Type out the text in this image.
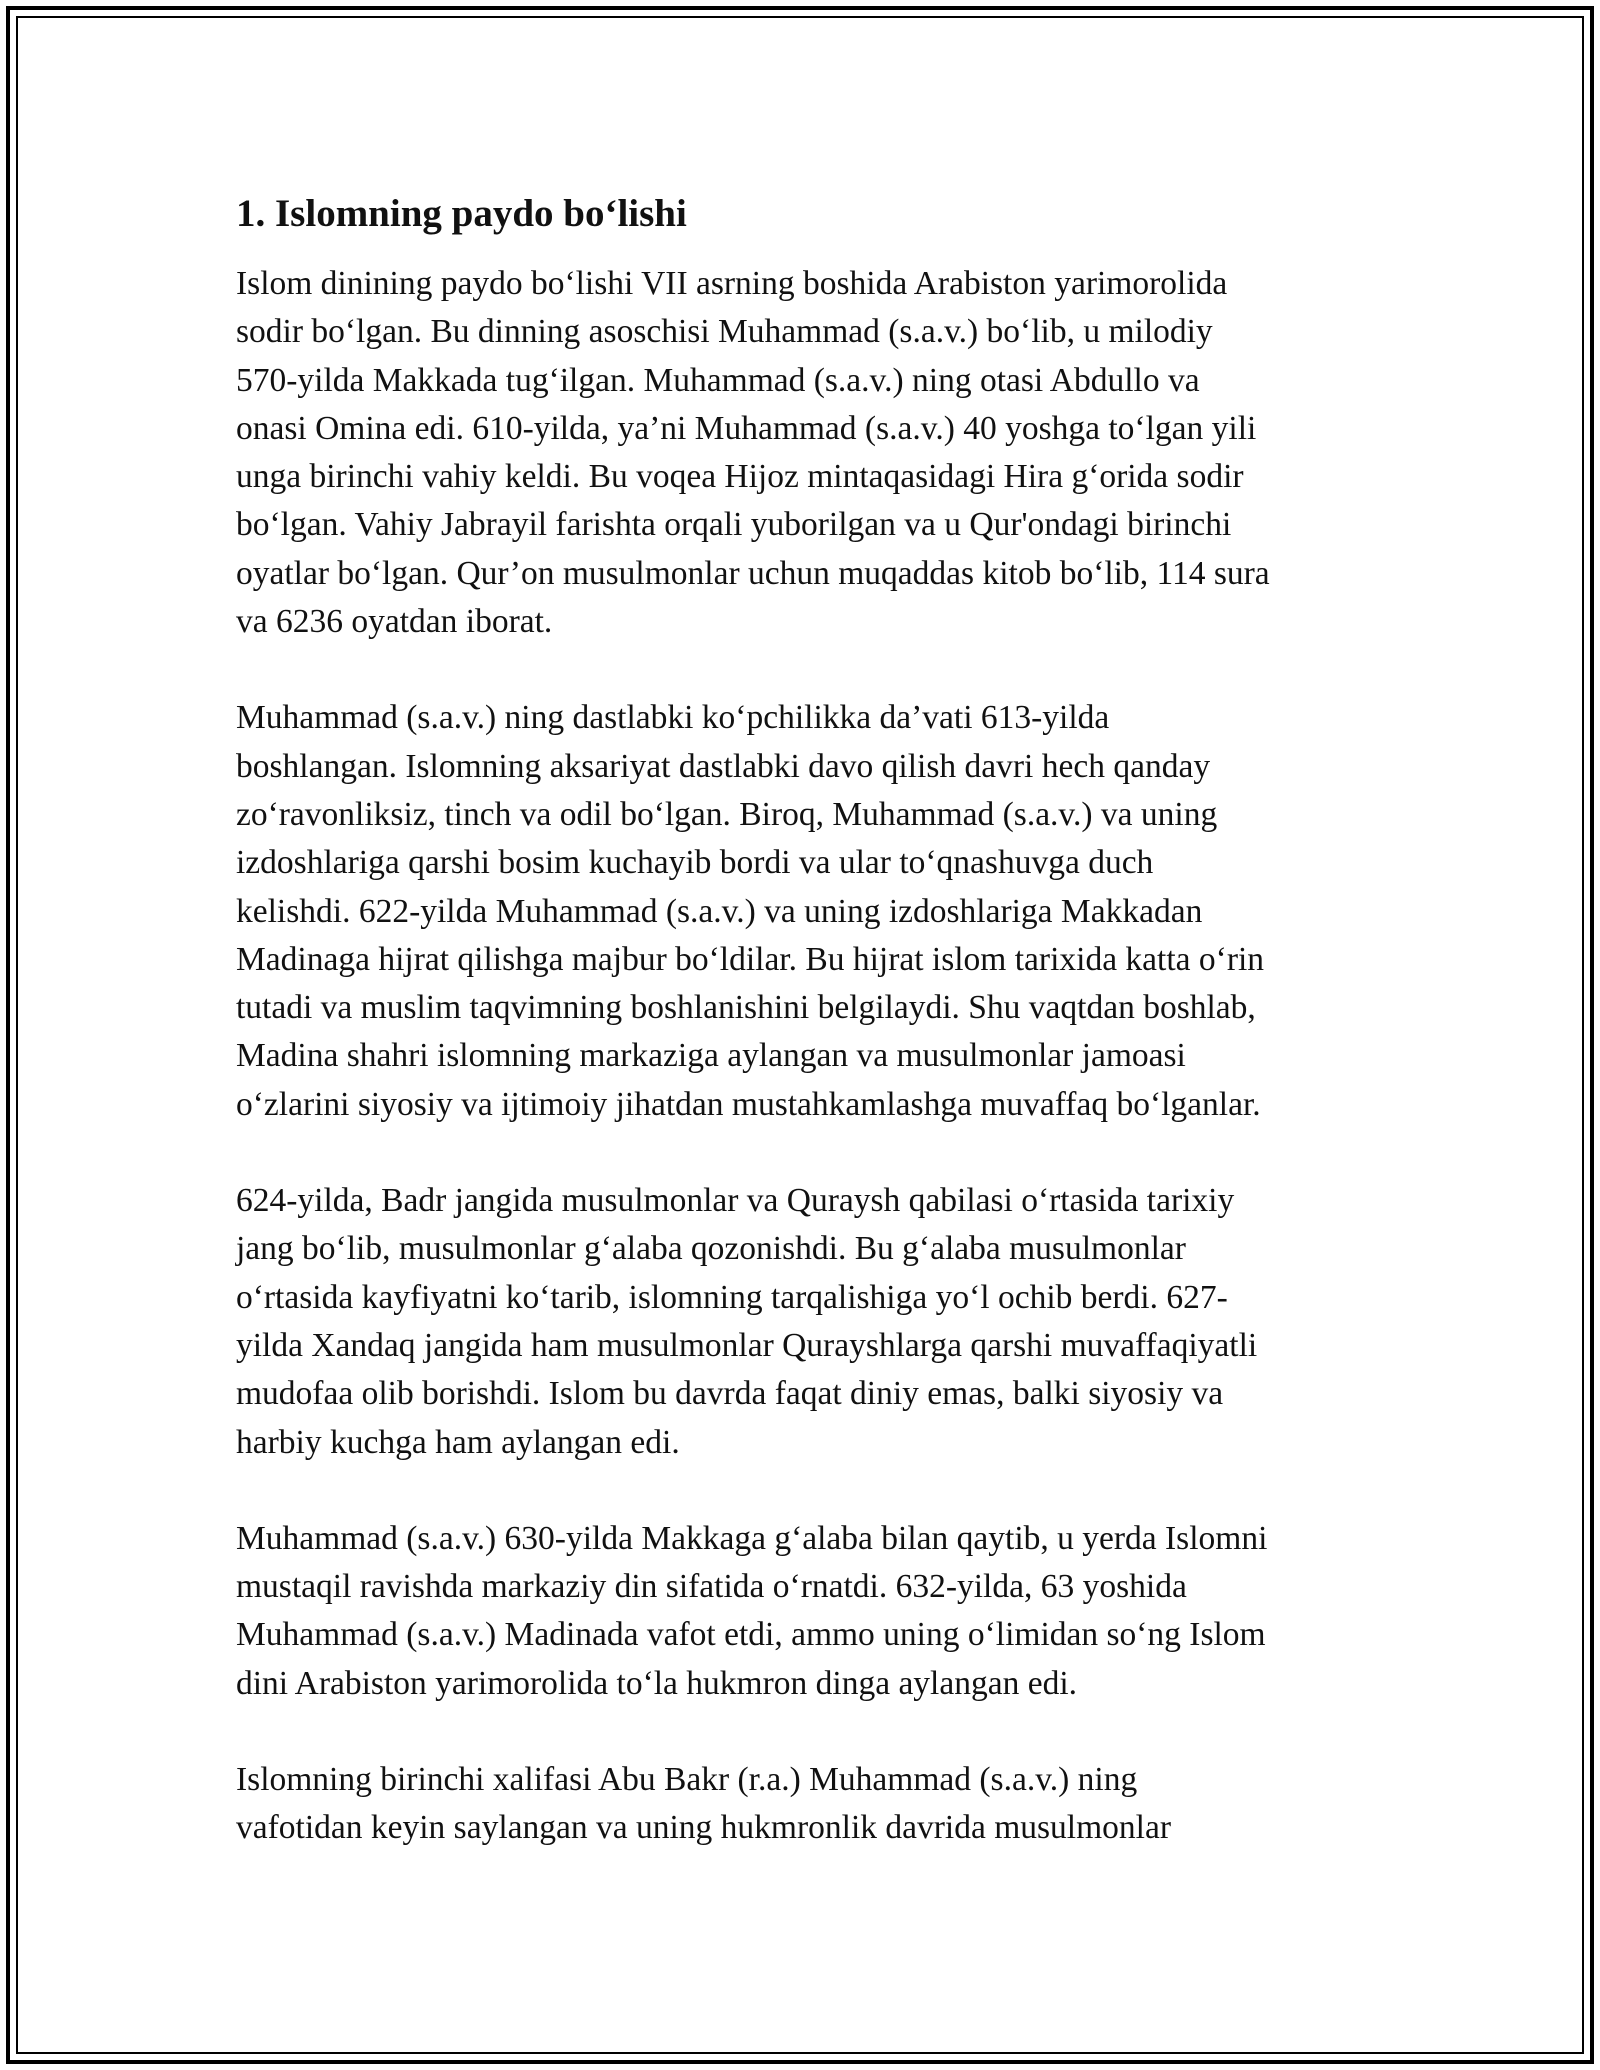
1. Islomning paydo bo‘lishi

Islom dinining paydo bo‘lishi VII asrning boshida Arabiston yarimorolida
sodir bo‘lgan. Bu dinning asoschisi Muhammad (s.a.v.) bo‘lib, u milodiy
570-yilda Makkada tug‘ilgan. Muhammad (s.a.v.) ning otasi Abdullo va
onasi Omina edi. 610-yilda, ya’ni Muhammad (s.a.v.) 40 yoshga to‘lgan yili
unga birinchi vahiy keldi. Bu voqea Hijoz mintaqasidagi Hira g‘orida sodir
bo‘lgan. Vahiy Jabrayil farishta orqali yuborilgan va u Qur'ondagi birinchi
oyatlar bo‘lgan. Qur’on musulmonlar uchun muqaddas kitob bo‘lib, 114 sura
va 6236 oyatdan iborat.

Muhammad (s.a.v.) ning dastlabki ko‘pchilikka da’vati 613-yilda
boshlangan. Islomning aksariyat dastlabki davo qilish davri hech qanday
zo‘ravonliksiz, tinch va odil bo‘lgan. Biroq, Muhammad (s.a.v.) va uning
izdoshlariga qarshi bosim kuchayib bordi va ular to‘qnashuvga duch
kelishdi. 622-yilda Muhammad (s.a.v.) va uning izdoshlariga Makkadan
Madinaga hijrat qilishga majbur bo‘ldilar. Bu hijrat islom tarixida katta o‘rin
tutadi va muslim taqvimning boshlanishini belgilaydi. Shu vaqtdan boshlab,
Madina shahri islomning markaziga aylangan va musulmonlar jamoasi
o‘zlarini siyosiy va ijtimoiy jihatdan mustahkamlashga muvaffaq bo‘lganlar.

624-yilda, Badr jangida musulmonlar va Quraysh qabilasi o‘rtasida tarixiy
jang bo‘lib, musulmonlar g‘alaba qozonishdi. Bu g‘alaba musulmonlar
o‘rtasida kayfiyatni ko‘tarib, islomning tarqalishiga yo‘l ochib berdi. 627-
yilda Xandaq jangida ham musulmonlar Qurayshlarga qarshi muvaffaqiyatli
mudofaa olib borishdi. Islom bu davrda faqat diniy emas, balki siyosiy va
harbiy kuchga ham aylangan edi.

Muhammad (s.a.v.) 630-yilda Makkaga g‘alaba bilan qaytib, u yerda Islomni
mustaqil ravishda markaziy din sifatida o‘rnatdi. 632-yilda, 63 yoshida
Muhammad (s.a.v.) Madinada vafot etdi, ammo uning o‘limidan so‘ng Islom
dini Arabiston yarimorolida to‘la hukmron dinga aylangan edi.

Islomning birinchi xalifasi Abu Bakr (r.a.) Muhammad (s.a.v.) ning
vafotidan keyin saylangan va uning hukmronlik davrida musulmonlar
